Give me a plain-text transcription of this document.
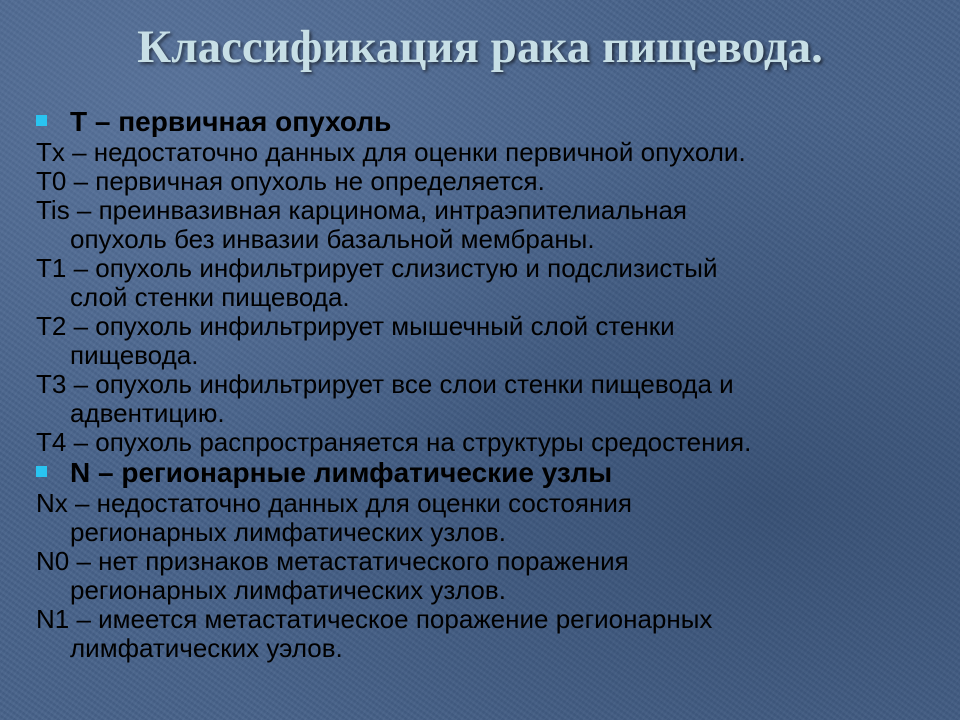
Классификация рака пищевода.
T – первичная опухоль
Tx – недостаточно данных для оценки первичной опухоли.
T0 – первичная опухоль не определяется.
Tis – преинвазивная карцинома, интраэпителиальная
опухоль без инвазии базальной мембраны.
T1 – опухоль инфильтрирует слизистую и подслизистый
слой стенки пищевода.
T2 – опухоль инфильтрирует мышечный слой стенки
пищевода.
T3 – опухоль инфильтрирует все слои стенки пищевода и
адвентицию.
T4 – опухоль распространяется на структуры средостения.
N – регионарные лимфатические узлы
Nx – недостаточно данных для оценки состояния
регионарных лимфатических узлов.
N0 – нет признаков метастатического поражения
регионарных лимфатических узлов.
N1 – имеется метастатическое поражение регионарных
лимфатических уэлов.
